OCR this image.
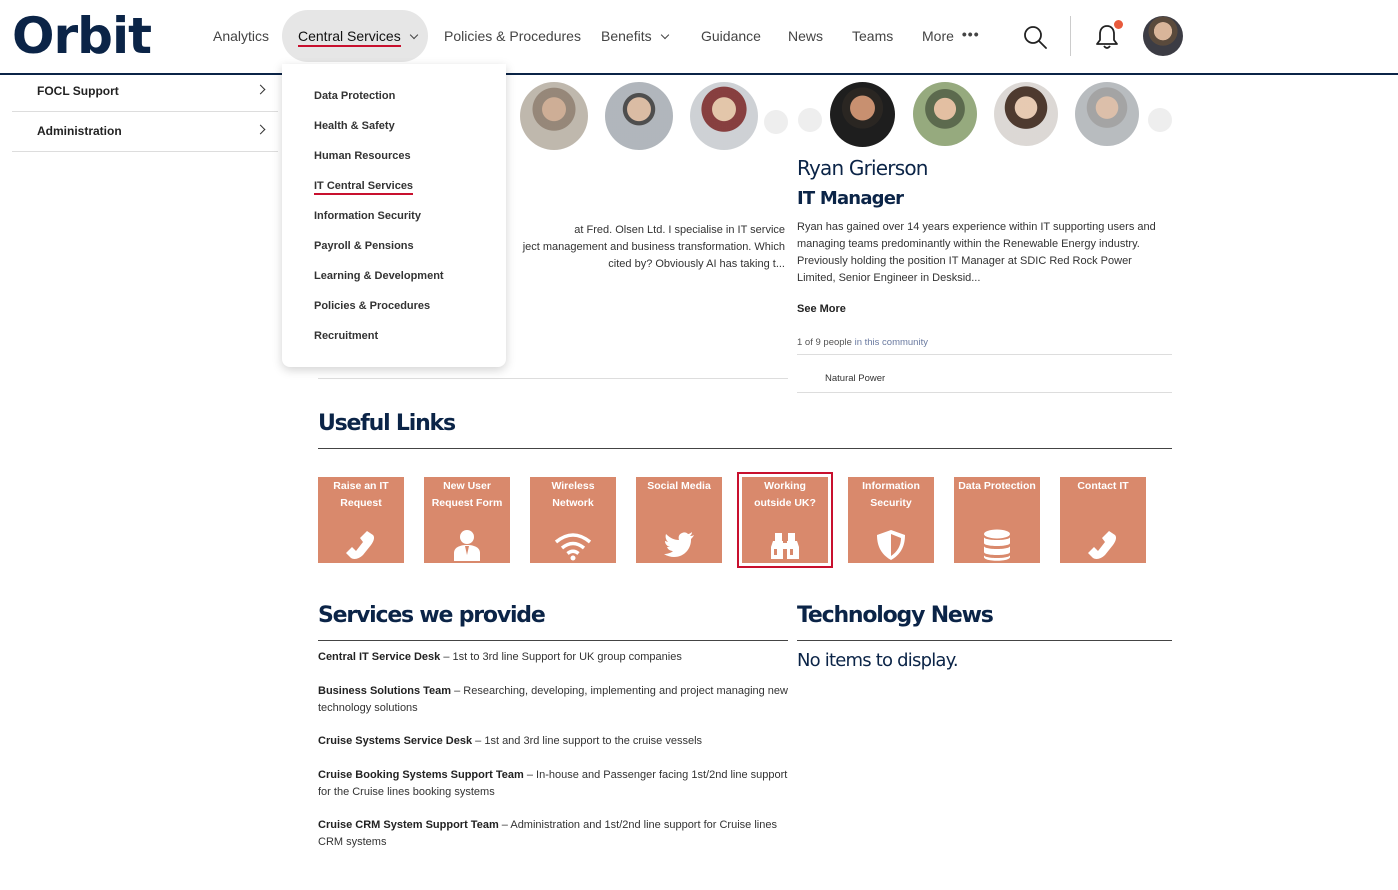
Orbit	Analytics Central Services	Policies & Procedures Benefits	Guidance News Teams More •••
FOCL Support
Administration
at Fred. Olsen Ltd. I specialise in IT service
ject management and business transformation. Which
cited by? Obviously AI has taking t...
Ryan Grierson
IT Manager
Ryan has gained over 14 years experience within IT supporting users and managing teams predominantly within the Renewable Energy industry. Previously holding the position IT Manager at SDIC Red Rock Power Limited, Senior Engineer in Desksid...
See More
1 of 9 people in this community
Natural Power
Useful Links
Raise an IT Request
New User Request Form
Wireless Network
Social Media	Working outside UK?
Information Security
Data Protection	Contact IT
Services we provide
Central IT Service Desk – 1st to 3rd line Support for UK group companies
Business Solutions Team – Researching, developing, implementing and project managing new technology solutions
Cruise Systems Service Desk – 1st and 3rd line support to the cruise vessels
Cruise Booking Systems Support Team – In-house and Passenger facing 1st/2nd line support for the Cruise lines booking systems
Cruise CRM System Support Team – Administration and 1st/2nd line support for Cruise lines CRM systems
Technology News
No items to display.
Data Protection
Health & Safety
Human Resources
IT Central Services
Information Security
Payroll & Pensions
Learning & Development
Policies & Procedures
Recruitment
